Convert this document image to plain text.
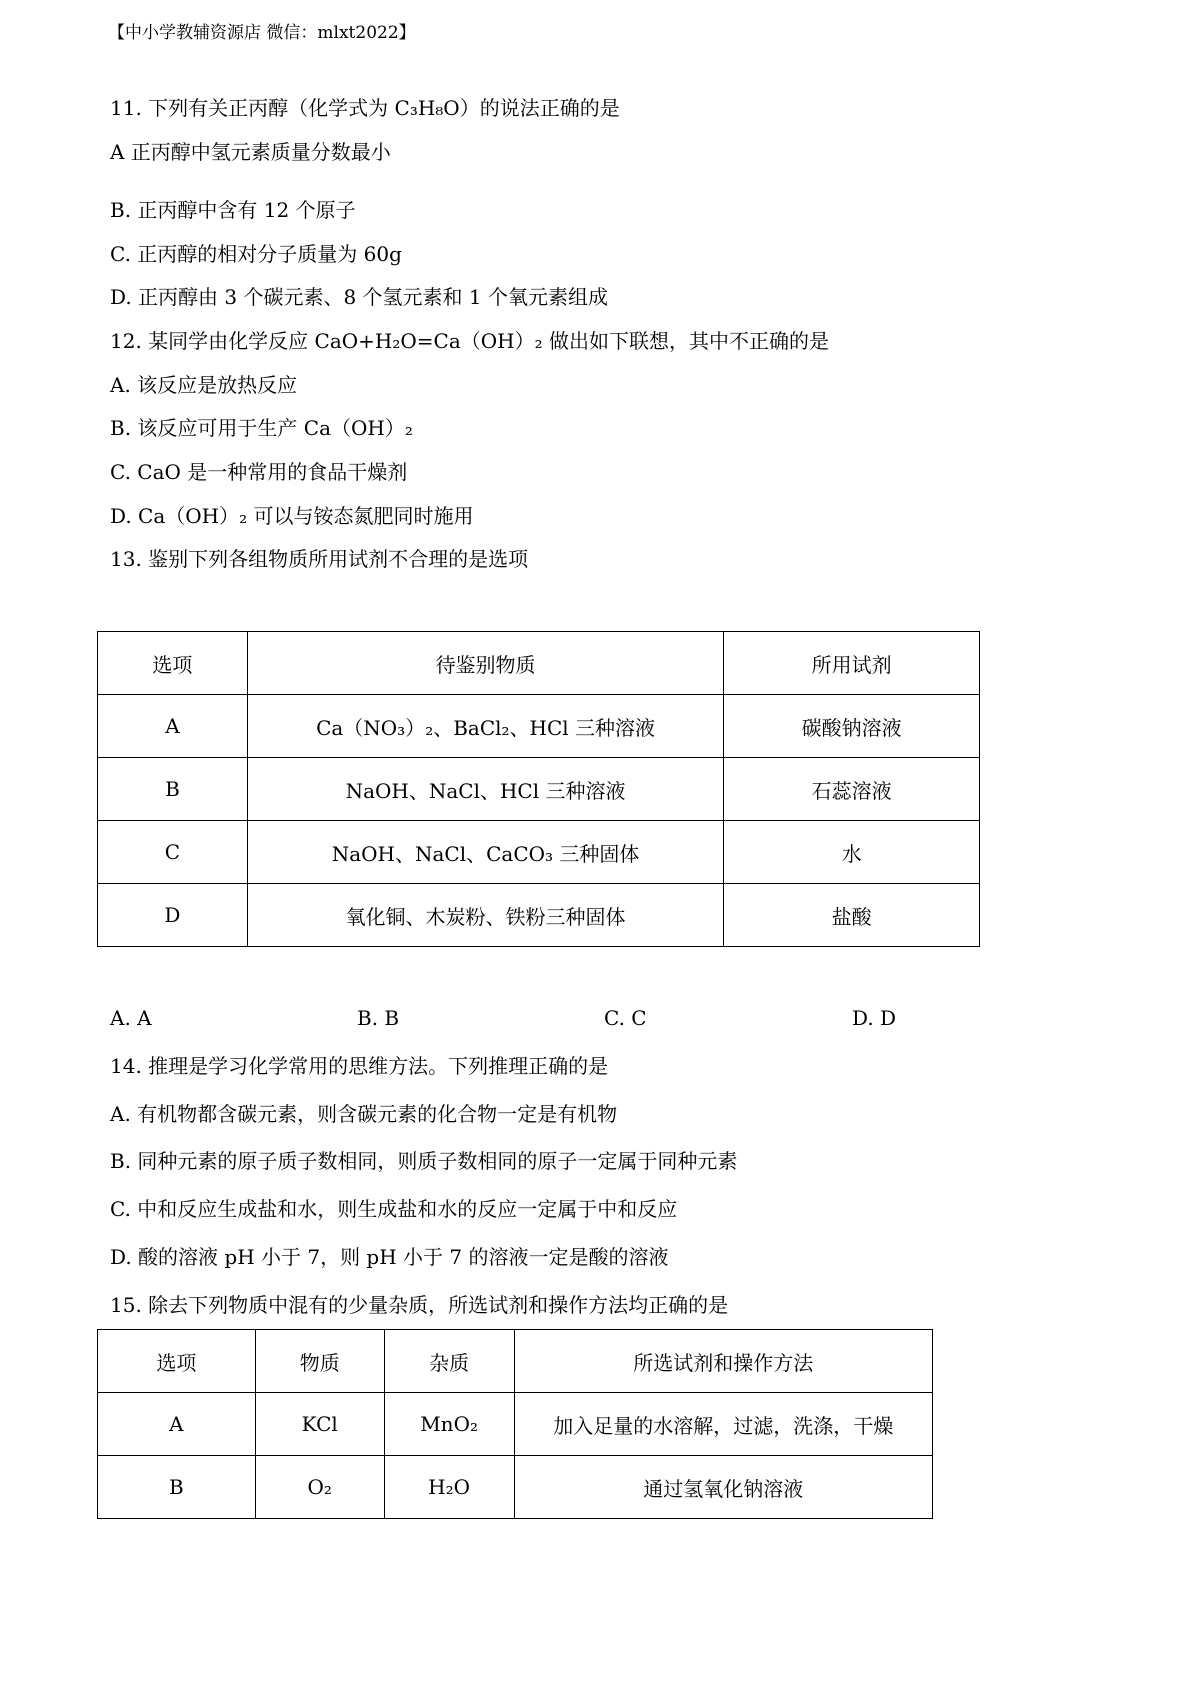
【中小学教辅资源店 微信：mlxt2022】
11. 下列有关正丙醇（化学式为 C₃H₈O）的说法正确的是
A 正丙醇中氢元素质量分数最小
B. 正丙醇中含有 12 个原子
C. 正丙醇的相对分子质量为 60g
D. 正丙醇由 3 个碳元素、8 个氢元素和 1 个氧元素组成
12. 某同学由化学反应 CaO+H₂O=Ca（OH）₂ 做出如下联想，其中不正确的是
A. 该反应是放热反应
B. 该反应可用于生产 Ca（OH）₂
C. CaO 是一种常用的食品干燥剂
D. Ca（OH）₂ 可以与铵态氮肥同时施用
13. 鉴别下列各组物质所用试剂不合理的是选项
选项	待鉴别物质	所用试剂
A	Ca（NO₃）₂、BaCl₂、HCl 三种溶液	碳酸钠溶液
B	NaOH、NaCl、HCl 三种溶液	石蕊溶液
C	NaOH、NaCl、CaCO₃ 三种固体	水
D	氧化铜、木炭粉、铁粉三种固体	盐酸
A. A	B. B	C. C	D. D
14. 推理是学习化学常用的思维方法。下列推理正确的是
A. 有机物都含碳元素，则含碳元素的化合物一定是有机物
B. 同种元素的原子质子数相同，则质子数相同的原子一定属于同种元素
C. 中和反应生成盐和水，则生成盐和水的反应一定属于中和反应
D. 酸的溶液 pH 小于 7，则 pH 小于 7 的溶液一定是酸的溶液
15. 除去下列物质中混有的少量杂质，所选试剂和操作方法均正确的是
选项	物质	杂质	所选试剂和操作方法
A	KCl	MnO₂	加入足量的水溶解，过滤，洗涤，干燥
B	O₂	H₂O	通过氢氧化钠溶液
